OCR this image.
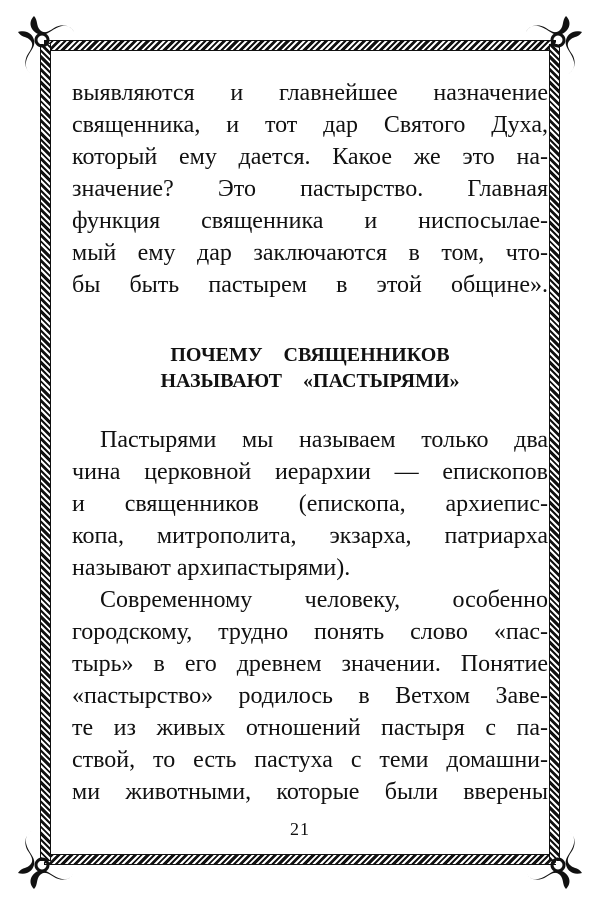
выявляются и главнейшее назначение
священника, и тот дар Святого Духа,
который ему дается. Какое же это на-
значение? Это пастырство. Главная
функция священника и ниспосылае-
мый ему дар заключаются в том, что-
бы быть пастырем в этой общине».
ПОЧЕМУ СВЯЩЕННИКОВ
НАЗЫВАЮТ «ПАСТЫРЯМИ»
Пастырями мы называем только два
чина церковной иерархии — епископов
и священников (епископа, архиепис-
копа, митрополита, экзарха, патриарха
называют архипастырями).
Современному человеку, особенно
городскому, трудно понять слово «пас-
тырь» в его древнем значении. Понятие
«пастырство» родилось в Ветхом Заве-
те из живых отношений пастыря с па-
ствой, то есть пастуха с теми домашни-
ми животными, которые были вверены
21
